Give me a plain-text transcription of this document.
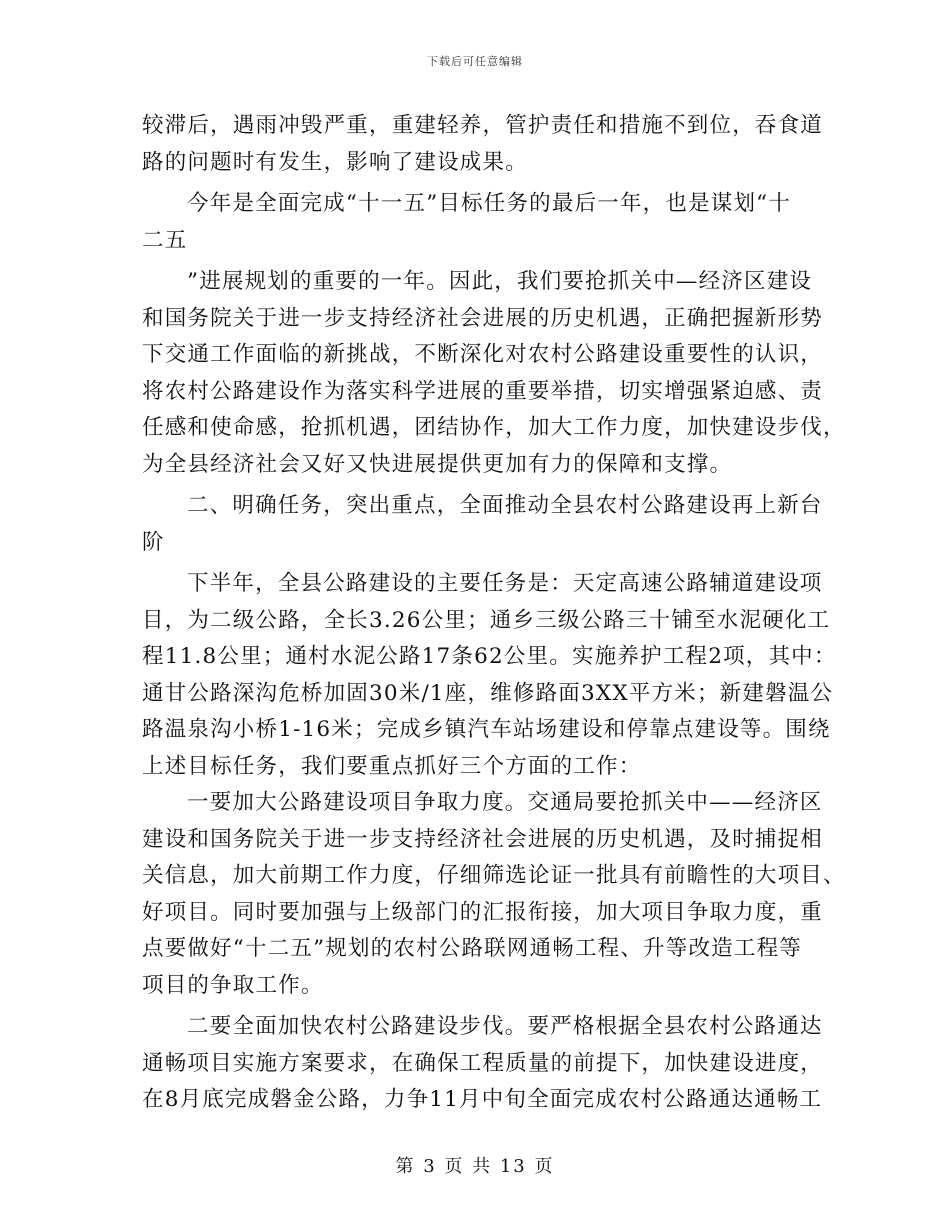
下载后可任意编辑
较滞后，遇雨冲毁严重，重建轻养，管护责任和措施不到位，吞食道
路的问题时有发生，影响了建设成果。
今年是全面完成“十一五”目标任务的最后一年，也是谋划“十
二五
”进展规划的重要的一年。因此，我们要抢抓关中—经济区建设
和国务院关于进一步支持经济社会进展的历史机遇，正确把握新形势
下交通工作面临的新挑战，不断深化对农村公路建设重要性的认识，
将农村公路建设作为落实科学进展的重要举措，切实增强紧迫感、责
任感和使命感，抢抓机遇，团结协作，加大工作力度，加快建设步伐，
为全县经济社会又好又快进展提供更加有力的保障和支撑。
二、明确任务，突出重点，全面推动全县农村公路建设再上新台
阶
下半年，全县公路建设的主要任务是：天定高速公路辅道建设项
目，为二级公路，全长3.26公里；通乡三级公路三十铺至水泥硬化工
程11.8公里；通村水泥公路17条62公里。实施养护工程2项，其中：
通甘公路深沟危桥加固30米/1座，维修路面3XX平方米；新建磐温公
路温泉沟小桥1-16米；完成乡镇汽车站场建设和停靠点建设等。围绕
上述目标任务，我们要重点抓好三个方面的工作：
一要加大公路建设项目争取力度。交通局要抢抓关中——经济区
建设和国务院关于进一步支持经济社会进展的历史机遇，及时捕捉相
关信息，加大前期工作力度，仔细筛选论证一批具有前瞻性的大项目、
好项目。同时要加强与上级部门的汇报衔接，加大项目争取力度，重
点要做好“十二五”规划的农村公路联网通畅工程、升等改造工程等
项目的争取工作。
二要全面加快农村公路建设步伐。要严格根据全县农村公路通达
通畅项目实施方案要求，在确保工程质量的前提下，加快建设进度，
在8月底完成磐金公路，力争11月中旬全面完成农村公路通达通畅工
第 3 页 共 13 页
